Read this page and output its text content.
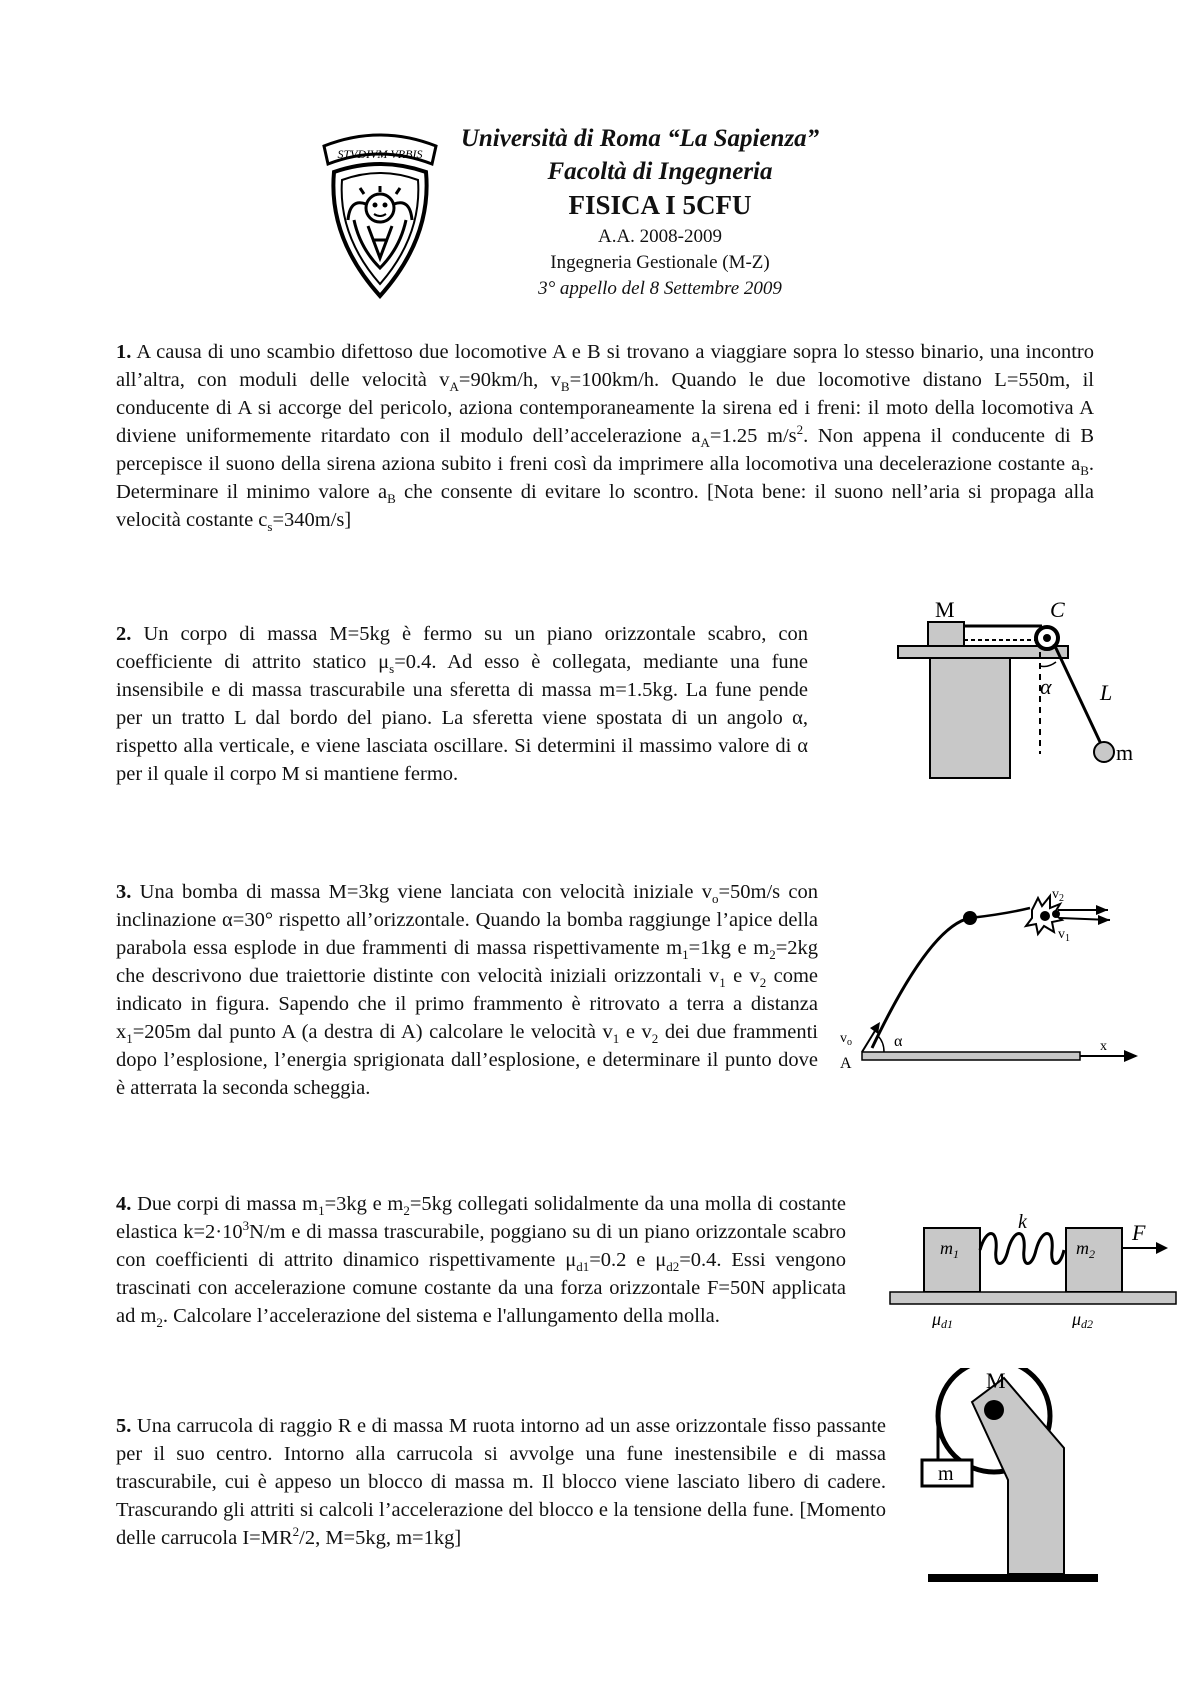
STVDIVM VRBIS
Università di Roma “La Sapienza”
Facoltà di Ingegneria
FISICA I 5CFU
A.A. 2008-2009
Ingegneria Gestionale (M-Z)
3° appello del 8 Settembre 2009
1. A causa di uno scambio difettoso due locomotive A e B si trovano a viaggiare sopra lo stesso binario, una incontro all’altra, con moduli delle velocità $v_A=90km/h$, $v_B=100km/h$. Quando le due locomotive distano L=550m, il conducente di A si accorge del pericolo, aziona contemporaneamente la sirena ed i freni: il moto della locomotiva A diviene uniformemente ritardato con il modulo dell’accelerazione $a_A=1.25$ $m/s^2$. Non appena il conducente di B percepisce il suono della sirena aziona subito i freni così da imprimere alla locomotiva una decelerazione costante $a_B$. Determinare il minimo valore $a_B$ che consente di evitare lo scontro. [Nota bene: il suono nell’aria si propaga alla velocità costante $c_s=340m/s$]
2. Un corpo di massa M=5kg è fermo su un piano orizzontale scabro, con coefficiente di attrito statico $\mu_s=0.4$. Ad esso è collegata, mediante una fune insensibile e di massa trascurabile una sferetta di massa m=1.5kg. La fune pende per un tratto L dal bordo del piano. La sferetta viene spostata di un angolo α, rispetto alla verticale, e viene lasciata oscillare. Si determini il massimo valore di α per il quale il corpo M si mantiene fermo.
M	C
α L
m
3. Una bomba di massa M=3kg viene lanciata con velocità iniziale $v_o=50m/s$ con inclinazione α=30° rispetto all’orizzontale. Quando la bomba raggiunge l’apice della parabola essa esplode in due frammenti di massa rispettivamente $m_1=1kg$ e $m_2=2kg$ che descrivono due traiettorie distinte con velocità iniziali orizzontali $v_1$ e $v_2$ come indicato in figura. Sapendo che il primo frammento è ritrovato a terra a distanza $x_1=205m$ dal punto A (a destra di A) calcolare le velocità $v_1$ e $v_2$ dei due frammenti dopo l’esplosione, l’energia sprigionata dall’esplosione, e determinare il punto dove è atterrata la seconda scheggia.
$v_2$
$v_1$
$v_o$	α
A
x
4. Due corpi di massa $m_1=3kg$ e $m_2=5kg$ collegati solidalmente da una molla di costante elastica $k=2\cdot 10^3N/m$ e di massa trascurabile, poggiano su di un piano orizzontale scabro con coefficienti di attrito dinamico rispettivamente $\mu_{d1}=0.2$ e $\mu_{d2}=0.4$. Essi vengono trascinati con accelerazione comune costante da una forza orizzontale F=50N applicata ad $m_2$. Calcolare l’accelerazione del sistema e l'allungamento della molla.
k	F
$m_1$	$m_2$
μd1	μd2
5. Una carrucola di raggio R e di massa M ruota intorno ad un asse orizzontale fisso passante per il suo centro. Intorno alla carrucola si avvolge una fune inestensibile e di massa trascurabile, cui è appeso un blocco di massa m. Il blocco viene lasciato libero di cadere. Trascurando gli attriti si calcoli l’accelerazione del blocco e la tensione della fune. [Momento delle carrucola $I=MR^2/2$, M=5kg, m=1kg]
M
m
